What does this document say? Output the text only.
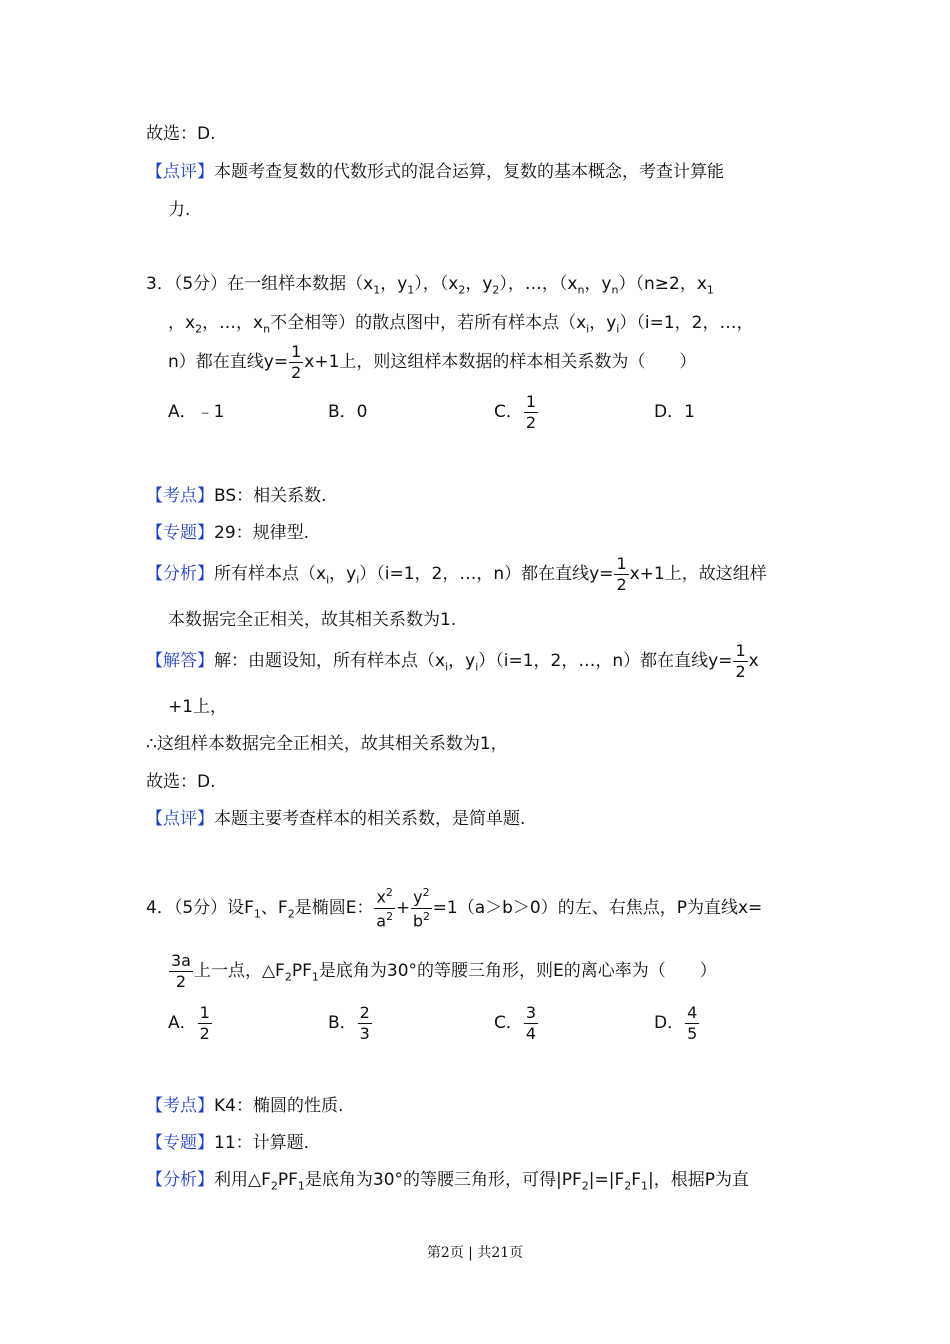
故选：D.
【点评】本题考查复数的代数形式的混合运算，复数的基本概念，考查计算能
力.
3．（5分）在一组样本数据（$x_1$，$y_1$），（$x_2$，$y_2$），…，（$x_n$，$y_n)(n\ge 2$，$x_1$
，$x_2$，…，$x_n$不全相等）的散点图中，若所有样本点（$x_i$，$y_i)(i=1$，2，…，
n）都在直线$y= \frac{1}{2} x+1$上，则这组样本数据的样本相关系数为（　　）
A．﹣1	B．0	C． $\frac{1}{2}$	D．1
【考点】BS：相关系数.
【专题】29：规律型.
【分析】所有样本点（$x_i$，$y_i)(i=1$，2，…，n）都在直线$y= \frac{1}{2} x+1$上，故这组样
本数据完全正相关，故其相关系数为1.
【解答】解：由题设知，所有样本点（$x_i$，$y_i)(i=1$，2，…，n）都在直线$y= \frac{1}{2}$ x
+1上，
∴这组样本数据完全正相关，故其相关系数为1，
故选：D.
【点评】本题主要考查样本的相关系数，是简单题.
4．（5分）设$F_1$、$F_2$是椭圆E： $\frac{x^2}{a^2} + \frac{y^2}{b^2} =1(a>b>0)$的左、右焦点，P为直线x=
$\frac{3a}{2}$ 上一点，$\triangle F_2PF_1$是底角为30°的等腰三角形，则E的离心率为（　　）
A． $\frac{1}{2}$	B． $\frac{2}{3}$	C． $\frac{3}{4}$	D． $\frac{4}{5}$
【考点】K4：椭圆的性质.
【专题】11：计算题.
【分析】利用$\triangle F_2PF_1$是底角为30°的等腰三角形，可得$|PF_2|=|F_2F_1|$，根据P为直
第2页 | 共21页
